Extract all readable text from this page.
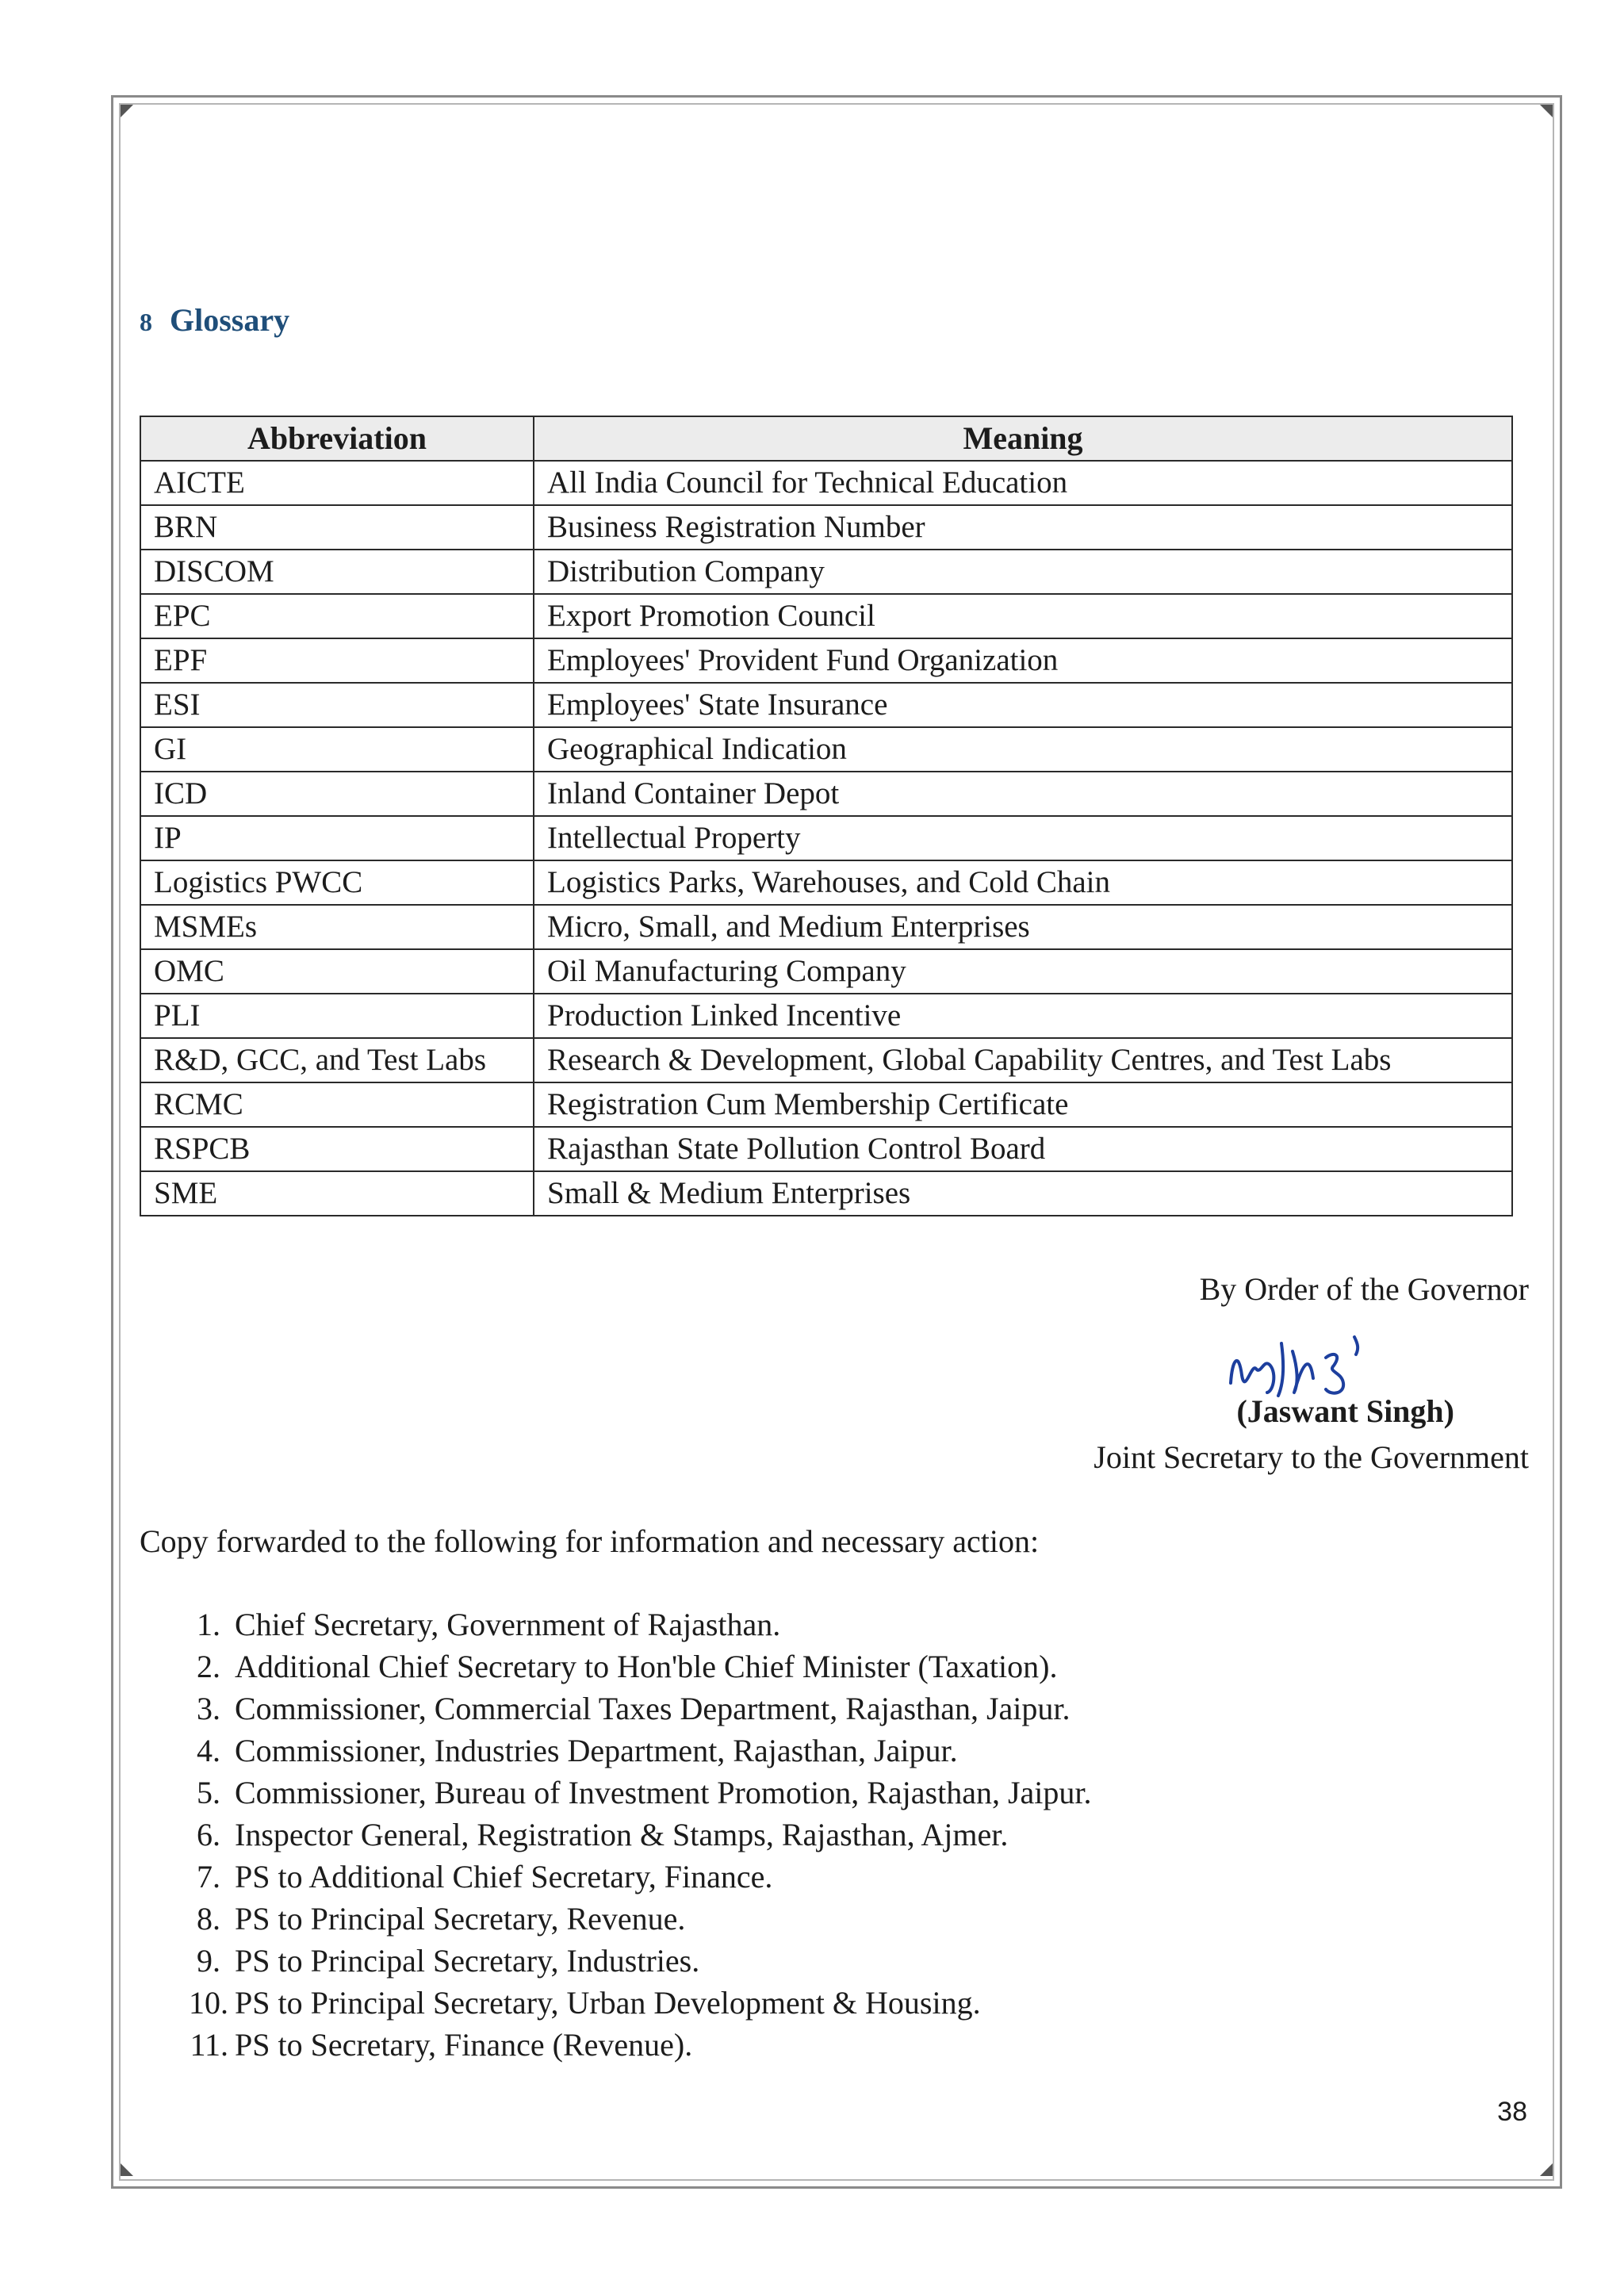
8 Glossary
Abbreviation	Meaning
AICTE	All India Council for Technical Education
BRN	Business Registration Number
DISCOM	Distribution Company
EPC	Export Promotion Council
EPF	Employees' Provident Fund Organization
ESI	Employees' State Insurance
GI	Geographical Indication
ICD	Inland Container Depot
IP	Intellectual Property
Logistics PWCC	Logistics Parks, Warehouses, and Cold Chain
MSMEs	Micro, Small, and Medium Enterprises
OMC	Oil Manufacturing Company
PLI	Production Linked Incentive
R&D, GCC, and Test Labs	Research & Development, Global Capability Centres, and Test Labs
RCMC	Registration Cum Membership Certificate
RSPCB	Rajasthan State Pollution Control Board
SME	Small & Medium Enterprises
By Order of the Governor
(Jaswant Singh)
Joint Secretary to the Government
Copy forwarded to the following for information and necessary action:
1. Chief Secretary, Government of Rajasthan.
2. Additional Chief Secretary to Hon'ble Chief Minister (Taxation).
3. Commissioner, Commercial Taxes Department, Rajasthan, Jaipur.
4. Commissioner, Industries Department, Rajasthan, Jaipur.
5. Commissioner, Bureau of Investment Promotion, Rajasthan, Jaipur.
6. Inspector General, Registration & Stamps, Rajasthan, Ajmer.
7. PS to Additional Chief Secretary, Finance.
8. PS to Principal Secretary, Revenue.
9. PS to Principal Secretary, Industries.
10. PS to Principal Secretary, Urban Development & Housing.
11. PS to Secretary, Finance (Revenue).
38
